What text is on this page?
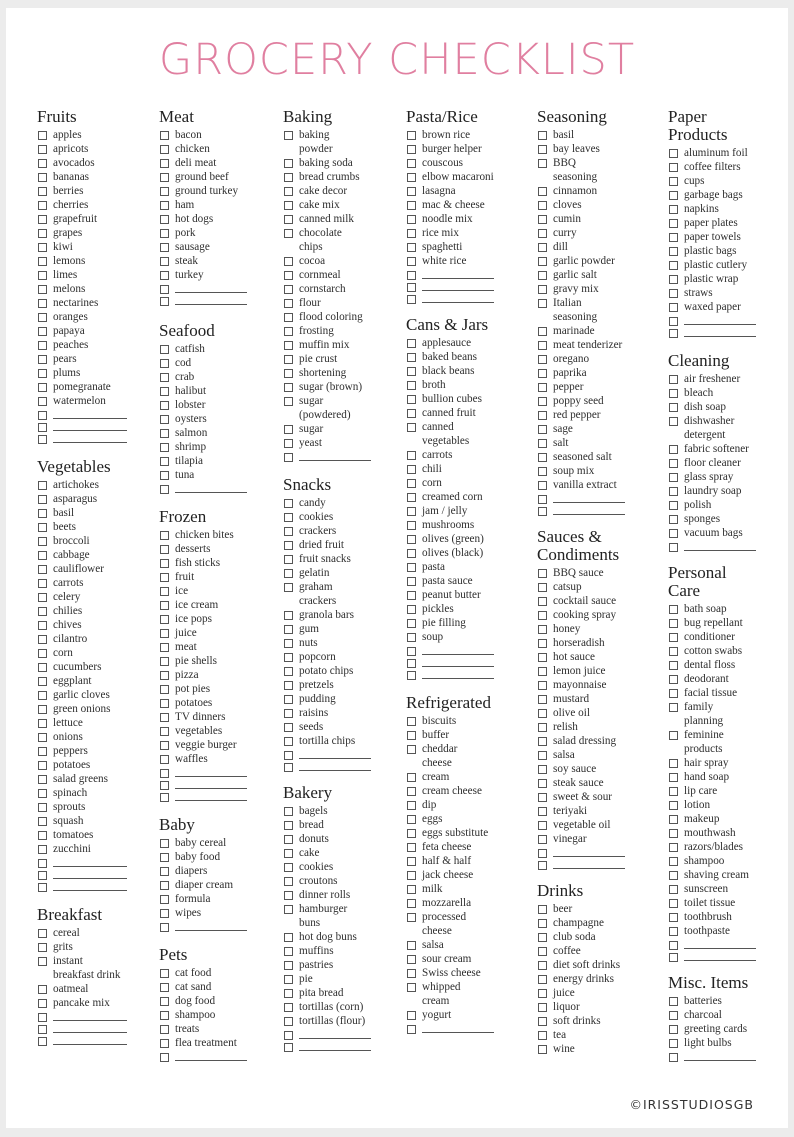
GROCERY CHECKLIST
Fruits
apples
apricots
avocados
bananas
berries
cherries
grapefruit
grapes
kiwi
lemons
limes
melons
nectarines
oranges
papaya
peaches
pears
plums
pomegranate
watermelon
Vegetables
artichokes
asparagus
basil
beets
broccoli
cabbage
cauliflower
carrots
celery
chilies
chives
cilantro
corn
cucumbers
eggplant
garlic cloves
green onions
lettuce
onions
peppers
potatoes
salad greens
spinach
sprouts
squash
tomatoes
zucchini
Breakfast
cereal
grits
instant
breakfast drink
oatmeal
pancake mix
Meat
bacon
chicken
deli meat
ground beef
ground turkey
ham
hot dogs
pork
sausage
steak
turkey
Seafood
catfish
cod
crab
halibut
lobster
oysters
salmon
shrimp
tilapia
tuna
Frozen
chicken bites
desserts
fish sticks
fruit
ice
ice cream
ice pops
juice
meat
pie shells
pizza
pot pies
potatoes
TV dinners
vegetables
veggie burger
waffles
Baby
baby cereal
baby food
diapers
diaper cream
formula
wipes
Pets
cat food
cat sand
dog food
shampoo
treats
flea treatment
Baking
baking
powder
baking soda
bread crumbs
cake decor
cake mix
canned milk
chocolate
chips
cocoa
cornmeal
cornstarch
flour
flood coloring
frosting
muffin mix
pie crust
shortening
sugar (brown)
sugar
(powdered)
sugar
yeast
Snacks
candy
cookies
crackers
dried fruit
fruit snacks
gelatin
graham
crackers
granola bars
gum
nuts
popcorn
potato chips
pretzels
pudding
raisins
seeds
tortilla chips
Bakery
bagels
bread
donuts
cake
cookies
croutons
dinner rolls
hamburger
buns
hot dog buns
muffins
pastries
pie
pita bread
tortillas (corn)
tortillas (flour)
Pasta/Rice
brown rice
burger helper
couscous
elbow macaroni
lasagna
mac & cheese
noodle mix
rice mix
spaghetti
white rice
Cans & Jars
applesauce
baked beans
black beans
broth
bullion cubes
canned fruit
canned
vegetables
carrots
chili
corn
creamed corn
jam / jelly
mushrooms
olives (green)
olives (black)
pasta
pasta sauce
peanut butter
pickles
pie filling
soup
Refrigerated
biscuits
buffer
cheddar
cheese
cream
cream cheese
dip
eggs
eggs substitute
feta cheese
half & half
jack cheese
milk
mozzarella
processed
cheese
salsa
sour cream
Swiss cheese
whipped
cream
yogurt
Seasoning
basil
bay leaves
BBQ
seasoning
cinnamon
cloves
cumin
curry
dill
garlic powder
garlic salt
gravy mix
Italian
seasoning
marinade
meat tenderizer
oregano
paprika
pepper
poppy seed
red pepper
sage
salt
seasoned salt
soup mix
vanilla extract
Sauces &
Condiments
BBQ sauce
catsup
cocktail sauce
cooking spray
honey
horseradish
hot sauce
lemon juice
mayonnaise
mustard
olive oil
relish
salad dressing
salsa
soy sauce
steak sauce
sweet & sour
teriyaki
vegetable oil
vinegar
Drinks
beer
champagne
club soda
coffee
diet soft drinks
energy drinks
juice
liquor
soft drinks
tea
wine
Paper
Products
aluminum foil
coffee filters
cups
garbage bags
napkins
paper plates
paper towels
plastic bags
plastic cutlery
plastic wrap
straws
waxed paper
Cleaning
air freshener
bleach
dish soap
dishwasher
detergent
fabric softener
floor cleaner
glass spray
laundry soap
polish
sponges
vacuum bags
Personal
Care
bath soap
bug repellant
conditioner
cotton swabs
dental floss
deodorant
facial tissue
family
planning
feminine
products
hair spray
hand soap
lip care
lotion
makeup
mouthwash
razors/blades
shampoo
shaving cream
sunscreen
toilet tissue
toothbrush
toothpaste
Misc. Items
batteries
charcoal
greeting cards
light bulbs
©IRISSTUDIOSGB
